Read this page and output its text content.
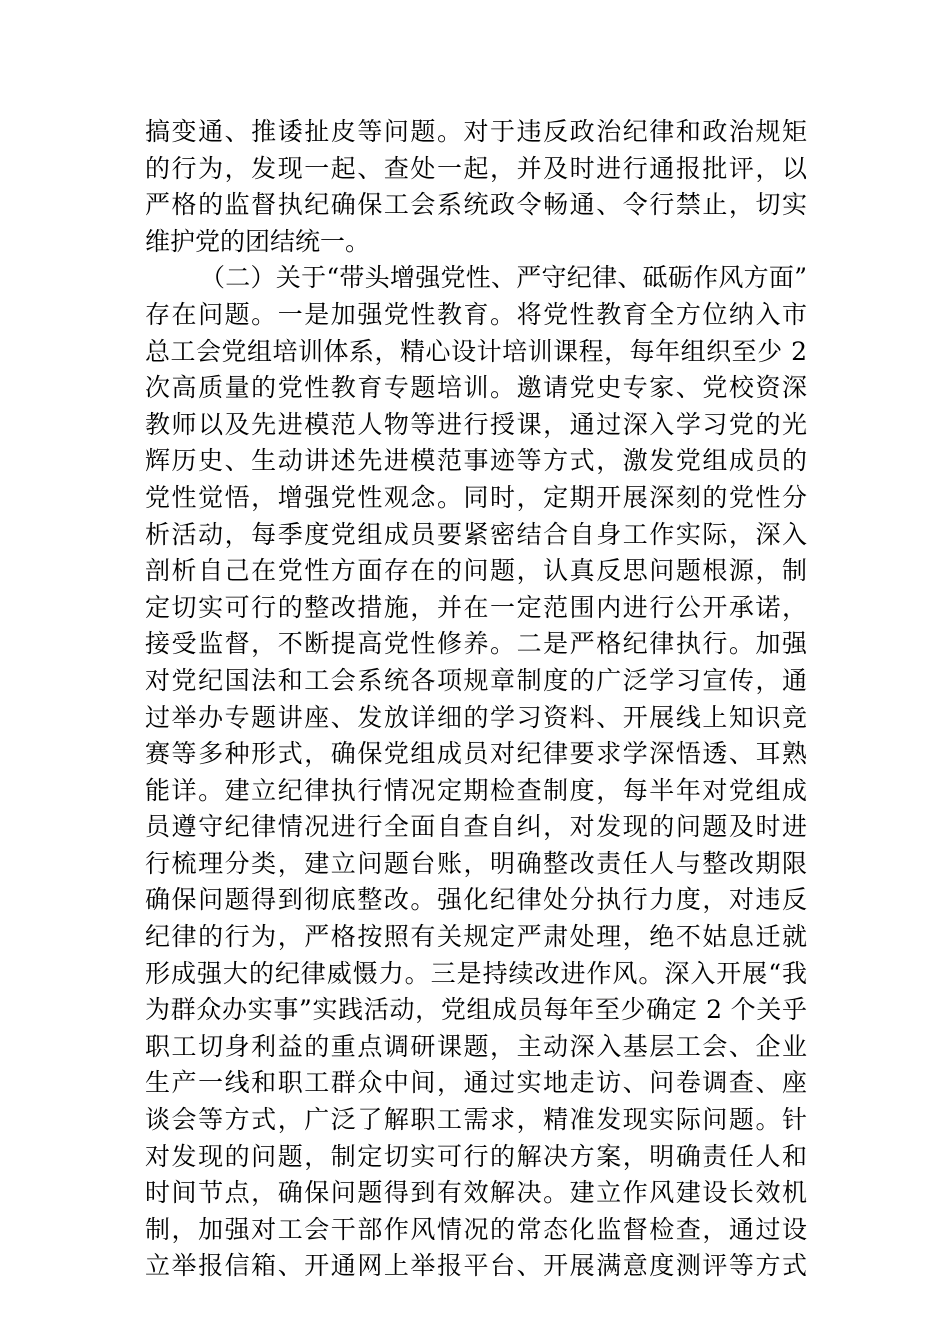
搞变通、推诿扯皮等问题。对于违反政治纪律和政治规矩
的行为，发现一起、查处一起，并及时进行通报批评，以
严格的监督执纪确保工会系统政令畅通、令行禁止，切实
维护党的团结统一。
（二）关于“带头增强党性、严守纪律、砥砺作风方面”
存在问题。一是加强党性教育。将党性教育全方位纳入市
总工会党组培训体系，精心设计培训课程，每年组织至少 2
次高质量的党性教育专题培训。邀请党史专家、党校资深
教师以及先进模范人物等进行授课，通过深入学习党的光
辉历史、生动讲述先进模范事迹等方式，激发党组成员的
党性觉悟，增强党性观念。同时，定期开展深刻的党性分
析活动，每季度党组成员要紧密结合自身工作实际，深入
剖析自己在党性方面存在的问题，认真反思问题根源，制
定切实可行的整改措施，并在一定范围内进行公开承诺，
接受监督，不断提高党性修养。二是严格纪律执行。加强
对党纪国法和工会系统各项规章制度的广泛学习宣传，通
过举办专题讲座、发放详细的学习资料、开展线上知识竞
赛等多种形式，确保党组成员对纪律要求学深悟透、耳熟
能详。建立纪律执行情况定期检查制度，每半年对党组成
员遵守纪律情况进行全面自查自纠，对发现的问题及时进
行梳理分类，建立问题台账，明确整改责任人与整改期限
确保问题得到彻底整改。强化纪律处分执行力度，对违反
纪律的行为，严格按照有关规定严肃处理，绝不姑息迁就
形成强大的纪律威慑力。三是持续改进作风。深入开展“我
为群众办实事”实践活动，党组成员每年至少确定 2 个关乎
职工切身利益的重点调研课题，主动深入基层工会、企业
生产一线和职工群众中间，通过实地走访、问卷调查、座
谈会等方式，广泛了解职工需求，精准发现实际问题。针
对发现的问题，制定切实可行的解决方案，明确责任人和
时间节点，确保问题得到有效解决。建立作风建设长效机
制，加强对工会干部作风情况的常态化监督检查，通过设
立举报信箱、开通网上举报平台、开展满意度测评等方式
